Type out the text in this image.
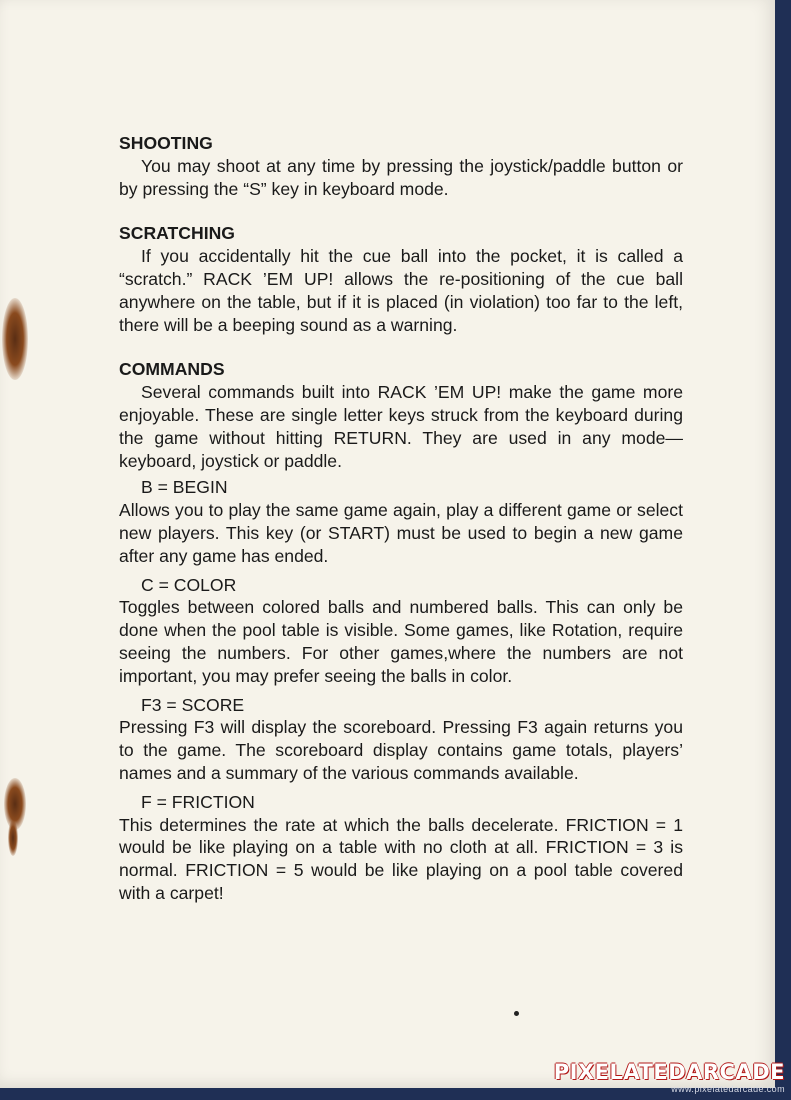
SHOOTING

You may shoot at any time by pressing the joystick/paddle button or by pressing the “S” key in keyboard mode.

SCRATCHING

If you accidentally hit the cue ball into the pocket, it is called a “scratch.” RACK ’EM UP! allows the re-positioning of the cue ball anywhere on the table, but if it is placed (in violation) too far to the left, there will be a beeping sound as a warning.

COMMANDS

Several commands built into RACK ’EM UP! make the game more enjoyable. These are single letter keys struck from the keyboard during the game without hitting RETURN. They are used in any mode—keyboard, joystick or paddle.

B = BEGIN

Allows you to play the same game again, play a different game or select new players. This key (or START) must be used to begin a new game after any game has ended.

C = COLOR

Toggles between colored balls and numbered balls. This can only be done when the pool table is visible. Some games, like Rotation, require seeing the numbers. For other games,where the numbers are not important, you may prefer seeing the balls in color.

F3 = SCORE

Pressing F3 will display the scoreboard. Pressing F3 again returns you to the game. The scoreboard display contains game totals, players’ names and a summary of the various commands available.

F = FRICTION

This determines the rate at which the balls decelerate. FRICTION = 1 would be like playing on a table with no cloth at all. FRICTION = 3 is normal. FRICTION = 5 would be like playing on a pool table covered with a carpet!

PIXELATEDARCADE
www.pixelatedarcade.com
